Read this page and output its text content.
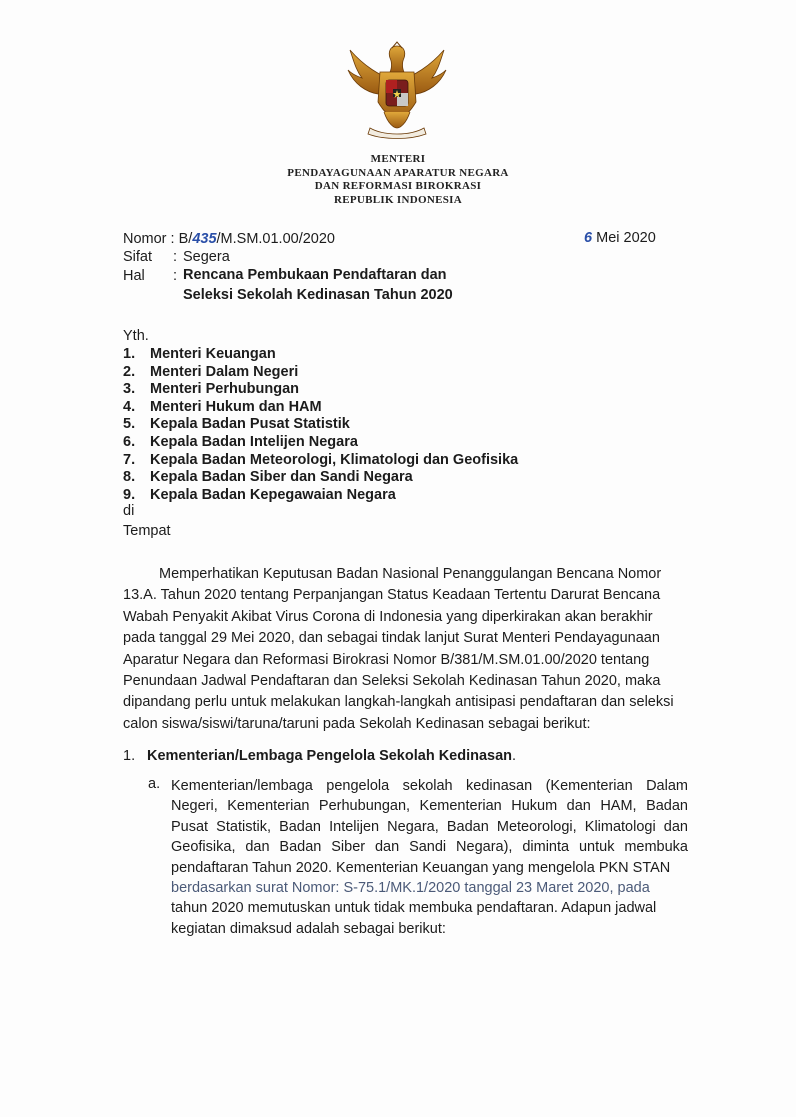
MENTERI
PENDAYAGUNAAN APARATUR NEGARA
DAN REFORMASI BIROKRASI
REPUBLIK INDONESIA
Nomor : B/435/M.SM.01.00/2020	6 Mei 2020
Sifat : Segera
Hal : Rencana Pembukaan Pendaftaran dan
Seleksi Sekolah Kedinasan Tahun 2020
Yth.
1. Menteri Keuangan
2. Menteri Dalam Negeri
3. Menteri Perhubungan
4. Menteri Hukum dan HAM
5. Kepala Badan Pusat Statistik
6. Kepala Badan Intelijen Negara
7. Kepala Badan Meteorologi, Klimatologi dan Geofisika
8. Kepala Badan Siber dan Sandi Negara
9. Kepala Badan Kepegawaian Negara
di
Tempat

Memperhatikan Keputusan Badan Nasional Penanggulangan Bencana Nomor
13.A. Tahun 2020 tentang Perpanjangan Status Keadaan Tertentu Darurat Bencana
Wabah Penyakit Akibat Virus Corona di Indonesia yang diperkirakan akan berakhir
pada tanggal 29 Mei 2020, dan sebagai tindak lanjut Surat Menteri Pendayagunaan
Aparatur Negara dan Reformasi Birokrasi Nomor B/381/M.SM.01.00/2020 tentang
Penundaan Jadwal Pendaftaran dan Seleksi Sekolah Kedinasan Tahun 2020, maka
dipandang perlu untuk melakukan langkah-langkah antisipasi pendaftaran dan seleksi
calon siswa/siswi/taruna/taruni pada Sekolah Kedinasan sebagai berikut:

1. Kementerian/Lembaga Pengelola Sekolah Kedinasan.
a. Kementerian/lembaga pengelola sekolah kedinasan (Kementerian Dalam
Negeri, Kementerian Perhubungan, Kementerian Hukum dan HAM, Badan
Pusat Statistik, Badan Intelijen Negara, Badan Meteorologi, Klimatologi dan
Geofisika, dan Badan Siber dan Sandi Negara), diminta untuk membuka
pendaftaran Tahun 2020. Kementerian Keuangan yang mengelola PKN STAN
berdasarkan surat Nomor: S-75.1/MK.1/2020 tanggal 23 Maret 2020, pada
tahun 2020 memutuskan untuk tidak membuka pendaftaran. Adapun jadwal
kegiatan dimaksud adalah sebagai berikut:
